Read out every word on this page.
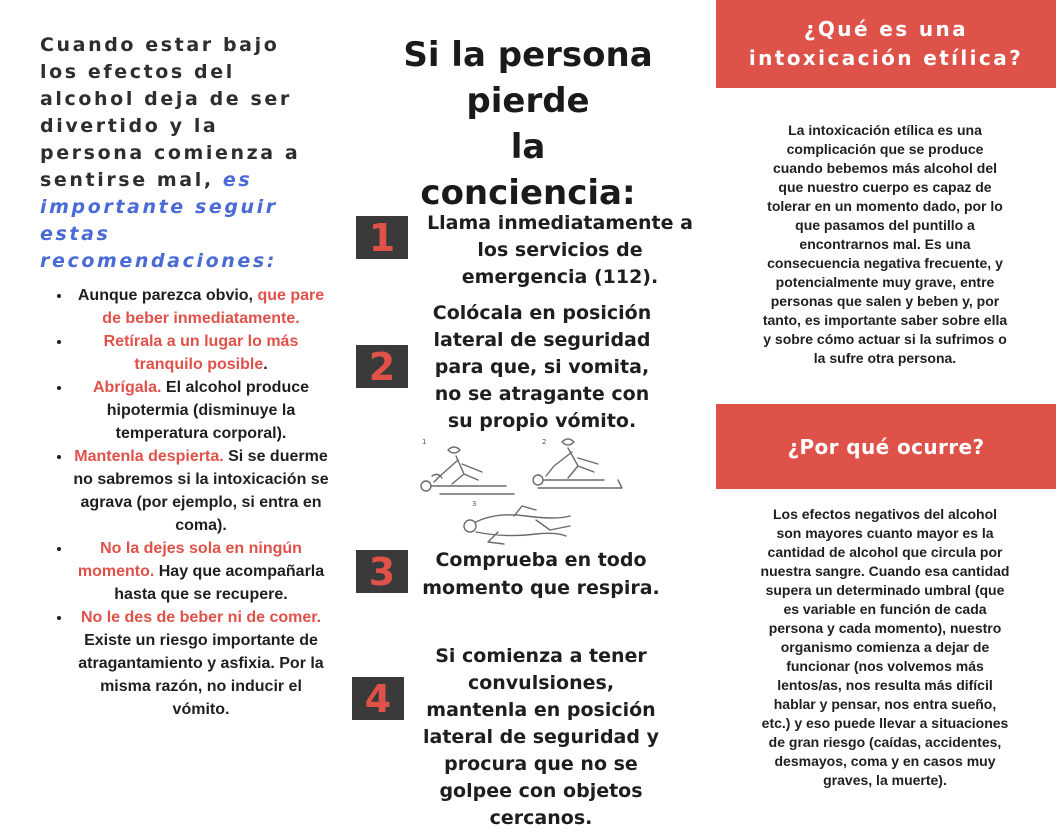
Cuando estar bajo los efectos del alcohol deja de ser divertido y la persona comienza a sentirse mal, es importante seguir estas recomendaciones:

• Aunque parezca obvio, que pare de beber inmediatamente.
• Retírala a un lugar lo más tranquilo posible.
• Abrígala. El alcohol produce hipotermia (disminuye la temperatura corporal).
• Mantenla despierta. Si se duerme no sabremos si la intoxicación se agrava (por ejemplo, si entra en coma).
• No la dejes sola en ningún momento. Hay que acompañarla hasta que se recupere.
• No le des de beber ni de comer. Existe un riesgo importante de atragantamiento y asfixia. Por la misma razón, no inducir el vómito.
Si la persona pierde
la
conciencia:
1	Llama inmediatamente a los servicios de emergencia (112).
2
Colócala en posición lateral de seguridad para que, si vomita, no se atragante con su propio vómito.
1	2
3
3	Comprueba en todo momento que respira.
4
Si comienza a tener convulsiones, mantenla en posición lateral de seguridad y procura que no se golpee con objetos cercanos.
¿Qué es una intoxicación etílica?

La intoxicación etílica es una complicación que se produce cuando bebemos más alcohol del que nuestro cuerpo es capaz de tolerar en un momento dado, por lo que pasamos del puntillo a encontrarnos mal. Es una consecuencia negativa frecuente, y potencialmente muy grave, entre personas que salen y beben y, por tanto, es importante saber sobre ella y sobre cómo actuar si la sufrimos o la sufre otra persona.

¿Por qué ocurre?

Los efectos negativos del alcohol son mayores cuanto mayor es la cantidad de alcohol que circula por nuestra sangre. Cuando esa cantidad supera un determinado umbral (que es variable en función de cada persona y cada momento), nuestro organismo comienza a dejar de funcionar (nos volvemos más lentos/as, nos resulta más difícil hablar y pensar, nos entra sueño, etc.) y eso puede llevar a situaciones de gran riesgo (caídas, accidentes, desmayos, coma y en casos muy graves, la muerte).
